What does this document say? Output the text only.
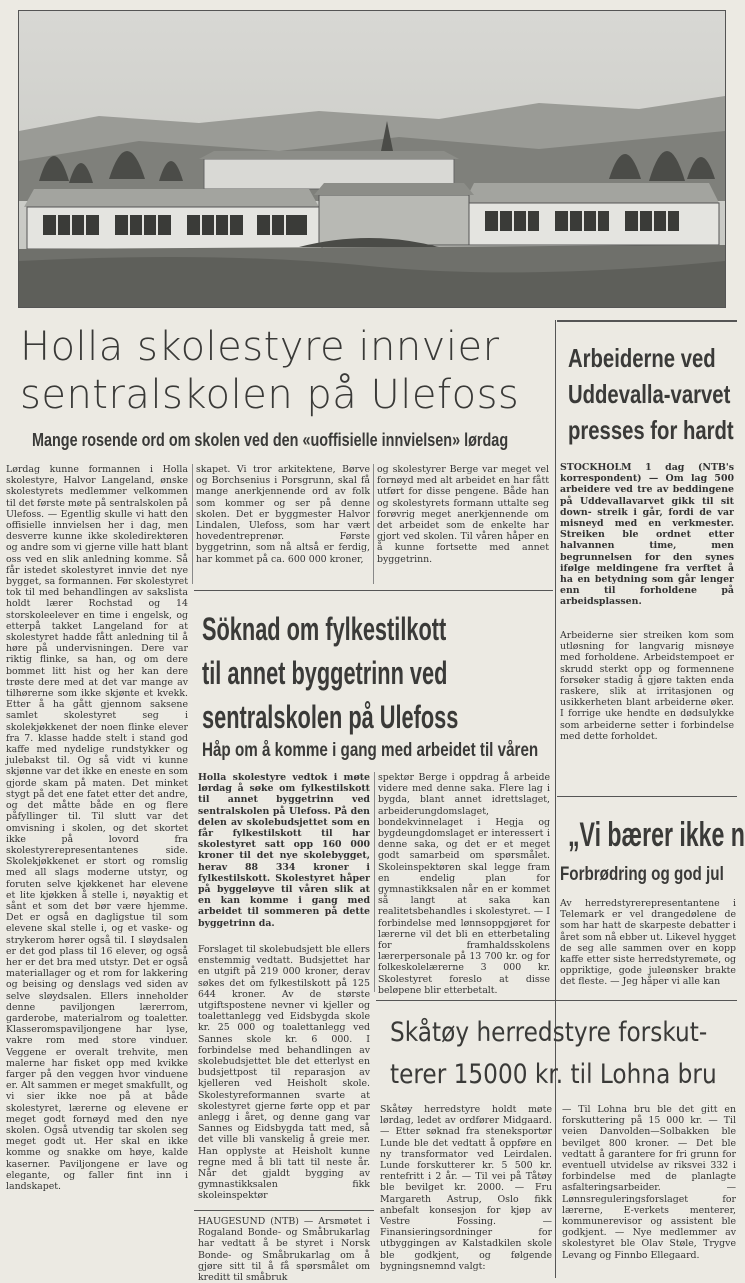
Holla skolestyre innvier
sentralskolen på Ulefoss
Mange rosende ord om skolen ved den «uoffisielle innvielsen» lørdag
Lørdag kunne formannen i Holla skolestyre, Halvor Langeland, ønske skolestyrets medlemmer velkommen til det første møte på sentralskolen på Ulefoss. — Egentlig skulle vi hatt den offisielle innvielsen her i dag, men desverre kunne ikke skoledirektøren og andre som vi gjerne ville hatt blant oss ved en slik anledning komme. Så får istedet skolestyret innvie det nye bygget, sa formannen. Før skolestyret tok til med behandlingen av sakslista holdt lærer Rochstad og 14 storskoleelever en time i engelsk, og etterpå takket Langeland for at skolestyret hadde fått anledning til å høre på undervisningen. Dere var riktig flinke, sa han, og om dere bommet litt hist og her kan dere trøste dere med at det var mange av tilhørerne som ikke skjønte et kvekk. Etter å ha gått gjennom saksene samlet skolestyret seg i skolekjøkkenet der noen flinke elever fra 7. klasse hadde stelt i stand god kaffe med nydelige rundstykker og julebakst til. Og så vidt vi kunne skjønne var det ikke en eneste en som gjorde skam på maten. Det minket stygt på det ene fatet etter det andre, og det måtte både en og flere påfyllinger til. Til slutt var det omvisning i skolen, og det skortet ikke på lovord fra skolestyrerepresentantenes side. Skolekjøkkenet er stort og romslig med all slags moderne utstyr, og foruten selve kjøkkenet har elevene et lite kjøkken å stelle i, nøyaktig et sånt et som det bør være hjemme. Det er også en dagligstue til som elevene skal stelle i, og et vaske- og strykerom hører også til. I sløydsalen er det god plass til 16 elever, og også her er det bra med utstyr. Det er også materiallager og et rom for lakkering og beising og denslags ved siden av selve sløydsalen. Ellers inneholder denne paviljongen lærerrom, garderobe, materialrom og toaletter. Klasseromspaviljongene har lyse, vakre rom med store vinduer. Veggene er overalt trehvite, men malerne har fisket opp med kvikke farger på den veggen hvor vinduene er. Alt sammen er meget smakfullt, og vi sier ikke noe på at både skolestyret, lærerne og elevene er meget godt fornøyd med den nye skolen. Også utvendig tar skolen seg meget godt ut. Her skal en ikke komme og snakke om høye, kalde kaserner. Paviljongene er lave og elegante, og faller fint inn i landskapet.
skapet. Vi tror arkitektene, Børve og Borchsenius i Porsgrunn, skal få mange anerkjennende ord av folk som kommer og ser på denne skolen. Det er byggmester Halvor Lindalen, Ulefoss, som har vært hovedentreprenør. Første byggetrinn, som nå altså er ferdig, har kommet på ca. 600 000 kroner,
og skolestyrer Berge var meget vel fornøyd med alt arbeidet en har fått utført for disse pengene. Både han og skolestyrets formann uttalte seg forøvrig meget anerkjennende om det arbeidet som de enkelte har gjort ved skolen. Til våren håper en å kunne fortsette med annet byggetrinn.
Söknad om fylkestilkott
til annet byggetrinn ved
sentralskolen på Ulefoss
Håp om å komme i gang med arbeidet til våren
Holla skolestyre vedtok i møte lørdag å søke om fylkestilskott til annet byggetrinn ved sentralskolen på Ulefoss. På den delen av skolebudsjettet som en får fylkestilskott til har skolestyret satt opp 160 000 kroner til det nye skolebygget, herav 88 334 kroner i fylkestilskott. Skolestyret håper på byggeløyve til våren slik at en kan komme i gang med arbeidet til sommeren på dette byggetrinn da.
Forslaget til skolebudsjett ble ellers enstemmig vedtatt. Budsjettet har en utgift på 219 000 kroner, derav søkes det om fylkestilskott på 125 644 kroner. Av de største utgiftspostene nevner vi kjeller og toalettanlegg ved Eidsbygda skole kr. 25 000 og toalettanlegg ved Sannes skole kr. 6 000. I forbindelse med behandlingen av skolebudsjettet ble det etterlyst en budsjettpost til reparasjon av kjelleren ved Heisholt skole. Skolestyreformannen svarte at skolestyret gjerne førte opp et par anlegg i året, og denne gang var Sannes og Eidsbygda tatt med, så det ville bli vanskelig å greie mer. Han opplyste at Heisholt kunne regne med å bli tatt til neste år. Når det gjaldt bygging av gymnastikksalen fikk skoleinspektør
spektør Berge i oppdrag å arbeide videre med denne saka. Flere lag i bygda, blant annet idrettslaget, arbeiderungdomslaget, bondekvinnelaget i Hegja og bygdeungdomslaget er interessert i denne saka, og det er et meget godt samarbeid om spørsmålet. Skoleinspektøren skal legge fram en endelig plan for gymnastikksalen når en er kommet så langt at saka kan realitetsbehandles i skolestyret. — I forbindelse med lønnsoppgjøret for lærerne vil det bli en etterbetaling for framhaldsskolens lærerpersonale på 13 700 kr. og for folkeskolelærerne 3 000 kr. Skolestyret foreslo at disse beløpene blir etterbetalt.
HAUGESUND (NTB) — Arsmøtet i Rogaland Bonde- og Småbrukarlag har vedtatt å be styret i Norsk Bonde- og Småbrukarlag om å gjøre sitt til å få spørsmålet om kreditt til småbruk
Skåtøy herredstyre forskut-
terer 15000 kr. til Lohna bru
Skåtøy herredstyre holdt møte lørdag, ledet av ordfører Midgaard. — Etter søknad fra steneksportør Lunde ble det vedtatt å oppføre en ny transformator ved Leirdalen. Lunde forskutterer kr. 5 500 kr. rentefritt i 2 år. — Til vei på Tåtøy ble bevilget kr. 2000. — Fru Margareth Astrup, Oslo fikk anbefalt konsesjon for kjøp av Vestre Fossing. — Finansieringsordninger for utbyggingen av Kalstadkilen skole ble godkjent, og følgende bygningsnemnd valgt:
— Til Lohna bru ble det gitt en forskuttering på 15 000 kr. — Til veien Danvolden—Solbakken ble bevilget 800 kroner. — Det ble vedtatt å garantere for fri grunn for eventuell utvidelse av riksvei 332 i forbindelse med de planlagte asfalteringsarbeider. — Lønnsreguleringsforslaget for lærerne, E-verkets menterer, kommunerevisor og assistent ble godkjent. — Nye medlemmer av skolestyret ble Olav Støle, Trygve Levang og Finnbo Ellegaard.
Arbeiderne ved
Uddevalla-varvet
presses for hardt
STOCKHOLM 1 dag (NTB's korrespondent) — Om lag 500 arbeidere ved tre av beddingene på Uddevallavarvet gikk til sit down- streik i går, fordi de var misneyd med en verkmester. Streiken ble ordnet etter halvannen time, men begrunnelsen for den synes ifølge meldingene fra verftet å ha en betydning som går lenger enn til forholdene på arbeidsplassen.
Arbeiderne sier streiken kom som utløsning for langvarig misnøye med forholdene. Arbeidstempoet er skrudd sterkt opp og formennene forsøker stadig å gjøre takten enda raskere, slik at irritasjonen og usikkerheten blant arbeiderne øker. I forrige uke hendte en dødsulykke som arbeiderne setter i forbindelse med dette forholdet.
„Vi bærer ikke n
Forbrødring og god jul
Av herredstyrerepresentantene i Telemark er vel drangedølene de som har hatt de skarpeste debatter i året som nå ebber ut. Likevel hygget de seg alle sammen over en kopp kaffe etter siste herredstyremøte, og oppriktige, gode juleønsker brakte det fleste. — Jeg håper vi alle kan
